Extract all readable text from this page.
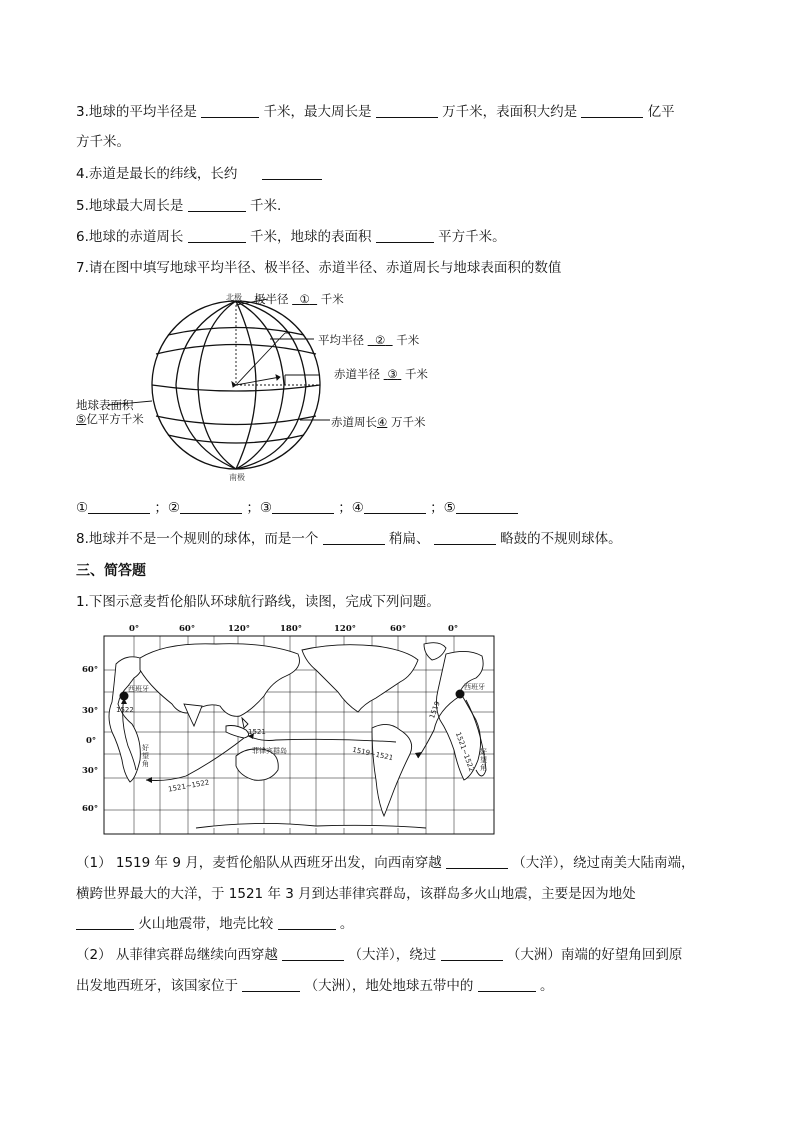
3.地球的平均半径是	千米，最大周长是	万千米，表面积大约是	亿平
方千米。
4.赤道是最长的纬线，长约
5.地球最大周长是	千米.
6.地球的赤道周长	千米，地球的表面积	平方千米。
7.请在图中填写地球平均半径、极半径、赤道半径、赤道周长与地球表面积的数值
北极
南极
极半径 ① 千米
平均半径 ② 千米
赤道半径 ③ 千米
赤道周长④ 万千米
地球表面积
⑤亿平方千米
①	；②	；③	；④	；⑤
8.地球并不是一个规则的球体，而是一个	稍扁、	略鼓的不规则球体。
三、简答题
1.下图示意麦哲伦船队环球航行路线，读图，完成下列问题。
0°	60°	120°	180°	120°	60°	0°
60°
30°
0°
30°
60°
西班牙	西班牙
1522
1521
1519
菲律宾群岛	1519~1521
1521~1522
1521~1522
好望角
好望角
（1） 1519 年 9 月，麦哲伦船队从西班牙出发，向西南穿越	（大洋），绕过南美大陆南端，
横跨世界最大的大洋，于 1521 年 3 月到达菲律宾群岛，该群岛多火山地震，主要是因为地处
火山地震带，地壳比较	。
（2） 从菲律宾群岛继续向西穿越	（大洋），绕过	（大洲）南端的好望角回到原
出发地西班牙，该国家位于	（大洲），地处地球五带中的	。
